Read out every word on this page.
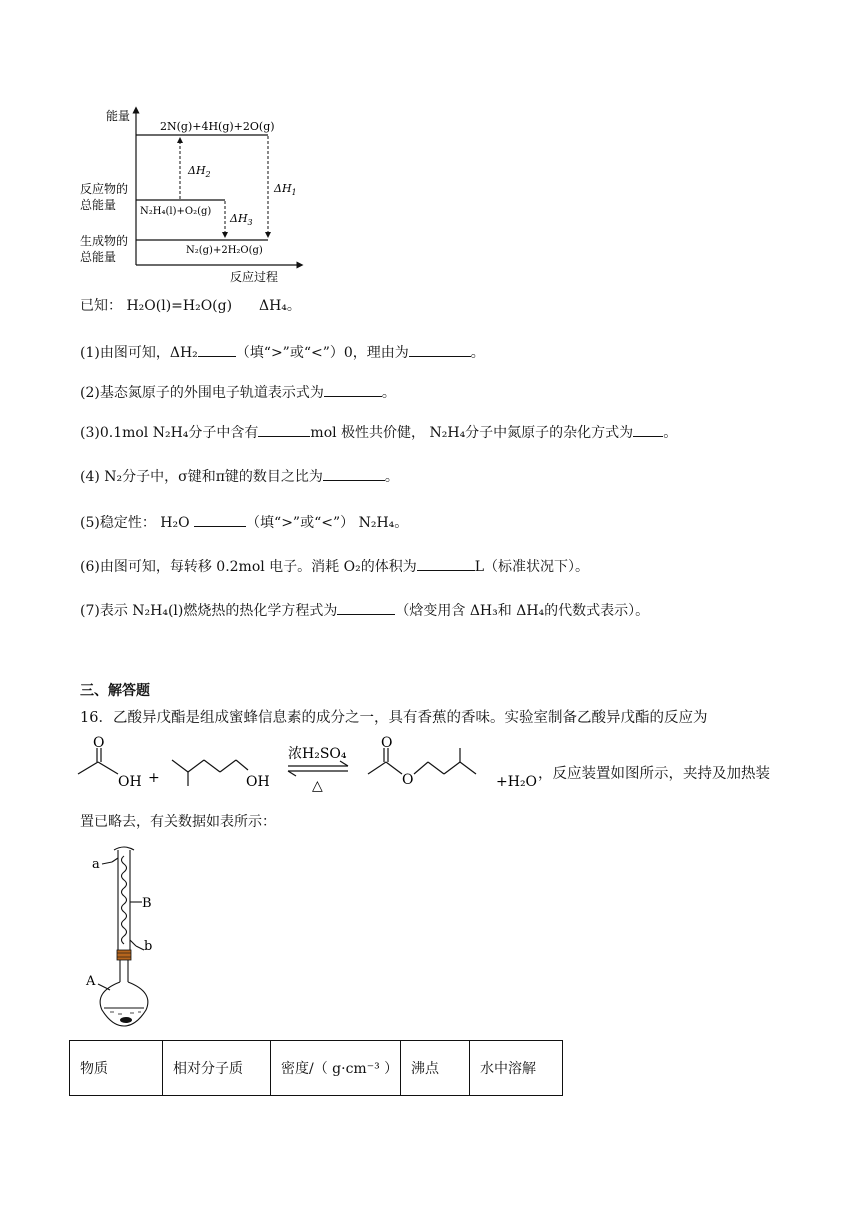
能量
反应过程
2N(g)+4H(g)+2O(g)
反应物的
总能量 N₂H₄(l)+O₂(g)
生成物的
总能量	N₂(g)+2H₂O(g)
$\Delta H_2$
$\Delta H_3$
$\Delta H_1$
已知： H₂O(l)=H₂O(g) ΔH₄。
(1)由图可知，ΔH₂	（填“>”或“<”）0，理由为	。
(2)基态氮原子的外围电子轨道表示式为	。
(3)0.1mol N₂H₄分子中含有	mol 极性共价健， N₂H₄分子中氮原子的杂化方式为 。
(4) N₂分子中，σ键和π键的数目之比为	。
(5)稳定性： H₂O	（填“>”或“<”） N₂H₄。
(6)由图可知，每转移 0.2mol 电子。消耗 O₂的体积为	L（标准状况下）。
(7)表示 N₂H₄(l)燃烧热的热化学方程式为	（焓变用含 ΔH₃和 ΔH₄的代数式表示）。
三、解答题
16．乙酸异戊酯是组成蜜蜂信息素的成分之一，具有香蕉的香味。实验室制备乙酸异戊酯的反应为
O
OH +	OH
浓H₂SO₄
△
O
O	+H₂O ，反应装置如图所示，夹持及加热装
置已略去，有关数据如表所示：
a
B
b
A
物质	相对分子质	密度/（ g·cm⁻³ ）	沸点	水中溶解
